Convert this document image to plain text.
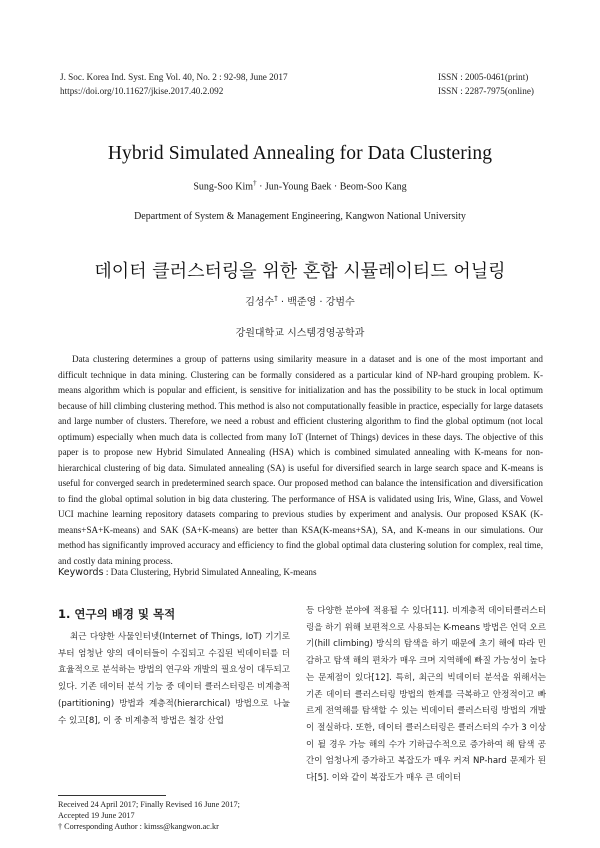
J. Soc. Korea Ind. Syst. Eng Vol. 40, No. 2 : 92-98, June 2017
https://doi.org/10.11627/jkise.2017.40.2.092
ISSN : 2005-0461(print)
ISSN : 2287-7975(online)
Hybrid Simulated Annealing for Data Clustering
Sung-Soo Kim† · Jun-Young Baek · Beom-Soo Kang
Department of System & Management Engineering, Kangwon National University
데이터 클러스터링을 위한 혼합 시뮬레이티드 어닐링
김성수† · 백준영 · 강범수
강원대학교 시스템경영공학과

Data clustering determines a group of patterns using similarity measure in a dataset and is one of the most important and difficult technique in data mining. Clustering can be formally considered as a particular kind of NP-hard grouping problem. K-means algorithm which is popular and efficient, is sensitive for initialization and has the possibility to be stuck in local optimum because of hill climbing clustering method. This method is also not computationally feasible in practice, especially for large datasets and large number of clusters. Therefore, we need a robust and efficient clustering algorithm to find the global optimum (not local optimum) especially when much data is collected from many IoT (Internet of Things) devices in these days. The objective of this paper is to propose new Hybrid Simulated Annealing (HSA) which is combined simulated annealing with K-means for non-hierarchical clustering of big data. Simulated annealing (SA) is useful for diversified search in large search space and K-means is useful for converged search in predetermined search space. Our proposed method can balance the intensification and diversification to find the global optimal solution in big data clustering. The performance of HSA is validated using Iris, Wine, Glass, and Vowel UCI machine learning repository datasets comparing to previous studies by experiment and analysis. Our proposed KSAK (K-means+SA+K-means) and SAK (SA+K-means) are better than KSA(K-means+SA), SA, and K-means in our simulations. Our method has significantly improved accuracy and efficiency to find the global optimal data clustering solution for complex, real time, and costly data mining process.

Keywords : Data Clustering, Hybrid Simulated Annealing, K-means
1. 연구의 배경 및 목적

최근 다양한 사물인터넷(Internet of Things, IoT) 기기로부터 엄청난 양의 데이터들이 수집되고 수집된 빅데이터를 더 효율적으로 분석하는 방법의 연구와 개발의 필요성이 대두되고 있다. 기존 데이터 분석 기능 중 데이터 클러스터링은 비계층적(partitioning) 방법과 계층적(hierarchical) 방법으로 나눌 수 있고[8], 이 중 비계층적 방법은 철강 산업

등 다양한 분야에 적용될 수 있다[11]. 비계층적 데이터클러스터링을 하기 위해 보편적으로 사용되는 K-means 방법은 언덕 오르기(hill climbing) 방식의 탐색을 하기 때문에 초기 해에 따라 민감하고 탐색 해의 편차가 매우 크며 지역해에 빠질 가능성이 높다는 문제점이 있다[12]. 특히, 최근의 빅데이터 분석을 위해서는 기존 데이터 클러스터링 방법의 한계를 극복하고 안정적이고 빠르게 전역해를 탐색할 수 있는 빅데이터 클러스터링 방법의 개발이 절실하다. 또한, 데이터 클러스터링은 클러스터의 수가 3 이상이 될 경우 가능 해의 수가 기하급수적으로 증가하여 해 탐색 공간이 엄청나게 증가하고 복잡도가 매우 커져 NP-hard 문제가 된다[5]. 이와 같이 복잡도가 매우 큰 데이터

Received 24 April 2017; Finally Revised 16 June 2017;
Accepted 19 June 2017
† Corresponding Author : kimss@kangwon.ac.kr
